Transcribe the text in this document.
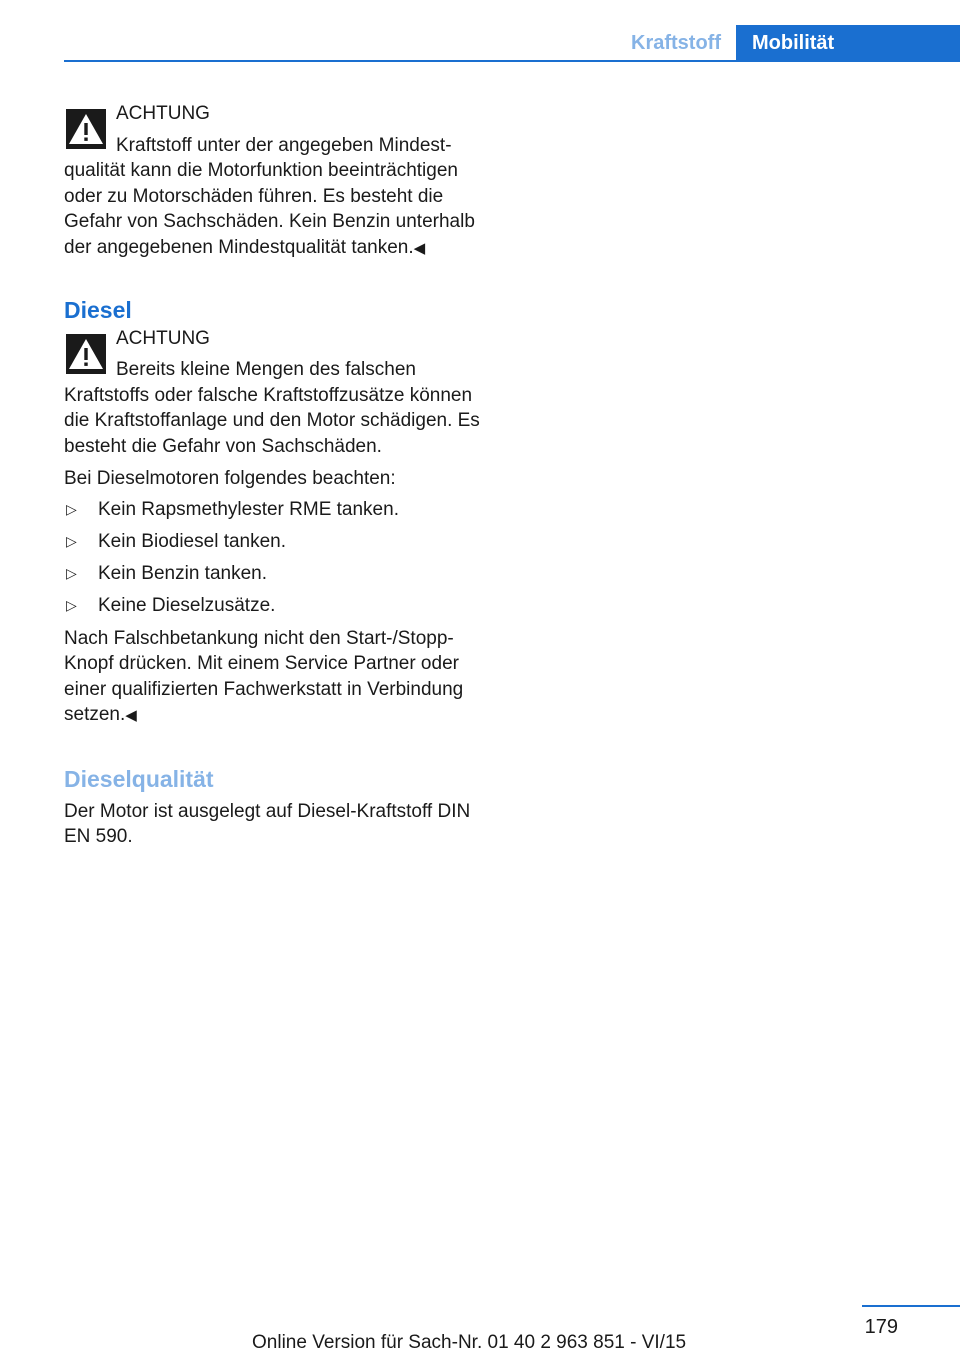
Kraftstoff	Mobilität

ACHTUNG

Kraftstoff unter der angegeben Mindestqualität kann die Motorfunktion beeinträchtigen oder zu Motorschäden führen. Es besteht die Gefahr von Sachschäden. Kein Benzin unterhalb der angegebenen Mindestqualität tanken.◀

Diesel

ACHTUNG

Bereits kleine Mengen des falschen Kraftstoffs oder falsche Kraftstoffzusätze können die Kraftstoffanlage und den Motor schädigen. Es besteht die Gefahr von Sachschäden.

Bei Dieselmotoren folgendes beachten:

▷ Kein Rapsmethylester RME tanken.
▷ Kein Biodiesel tanken.
▷ Kein Benzin tanken.
▷ Keine Dieselzusätze.

Nach Falschbetankung nicht den Start-/Stopp-Knopf drücken. Mit einem Service Partner oder einer qualifizierten Fachwerkstatt in Verbindung setzen.◀

Dieselqualität

Der Motor ist ausgelegt auf Diesel-Kraftstoff DIN EN 590.

179
Online Version für Sach-Nr. 01 40 2 963 851 - VI/15
